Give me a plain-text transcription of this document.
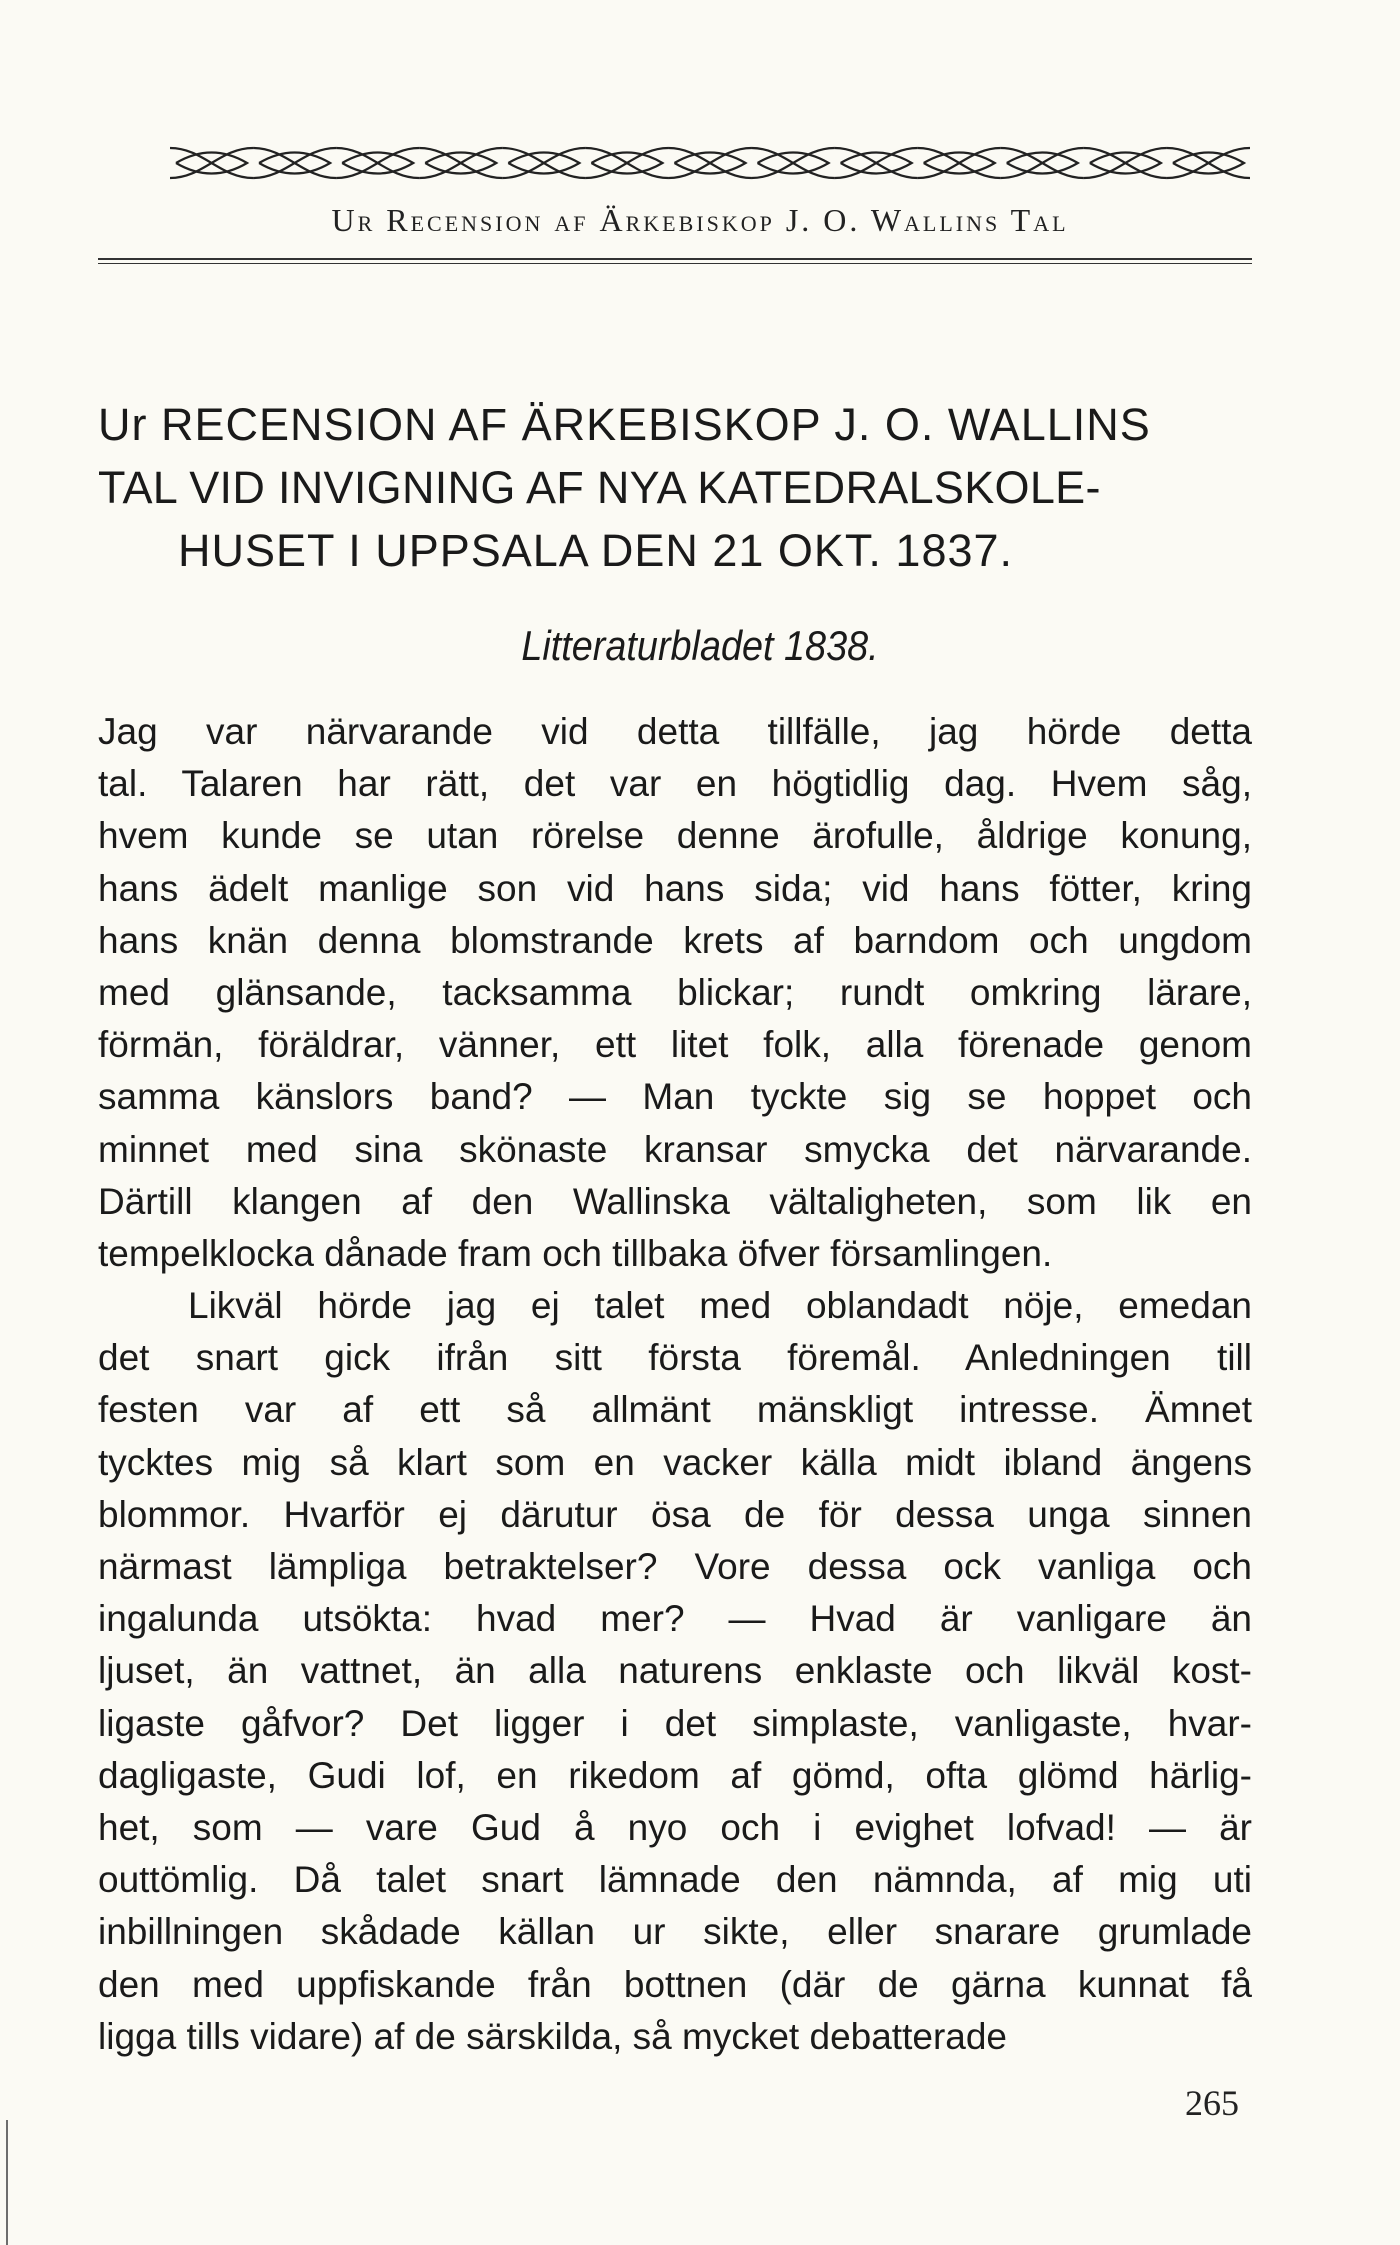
Ur Recension af Ärkebiskop J. O. Wallins Tal
Ur RECENSION AF ÄRKEBISKOP J. O. WALLINS
TAL VID INVIGNING AF NYA KATEDRALSKOLE-
HUSET I UPPSALA DEN 21 OKT. 1837.
Litteraturbladet 1838.
Jag var närvarande vid detta tillfälle, jag hörde detta
tal. Talaren har rätt, det var en högtidlig dag. Hvem såg,
hvem kunde se utan rörelse denne ärofulle, åldrige konung,
hans ädelt manlige son vid hans sida; vid hans fötter, kring
hans knän denna blomstrande krets af barndom och ungdom
med glänsande, tacksamma blickar; rundt omkring lärare,
förmän, föräldrar, vänner, ett litet folk, alla förenade genom
samma känslors band? — Man tyckte sig se hoppet och
minnet med sina skönaste kransar smycka det närvarande.
Därtill klangen af den Wallinska vältaligheten, som lik en
tempelklocka dånade fram och tillbaka öfver församlingen.
Likväl hörde jag ej talet med oblandadt nöje, emedan
det snart gick ifrån sitt första föremål. Anledningen till
festen var af ett så allmänt mänskligt intresse. Ämnet
tycktes mig så klart som en vacker källa midt ibland ängens
blommor. Hvarför ej därutur ösa de för dessa unga sinnen
närmast lämpliga betraktelser? Vore dessa ock vanliga och
ingalunda utsökta: hvad mer? — Hvad är vanligare än
ljuset, än vattnet, än alla naturens enklaste och likväl kost-
ligaste gåfvor? Det ligger i det simplaste, vanligaste, hvar-
dagligaste, Gudi lof, en rikedom af gömd, ofta glömd härlig-
het, som — vare Gud å nyo och i evighet lofvad! — är
outtömlig. Då talet snart lämnade den nämnda, af mig uti
inbillningen skådade källan ur sikte, eller snarare grumlade
den med uppfiskande från bottnen (där de gärna kunnat få
ligga tills vidare) af de särskilda, så mycket debatterade
265
